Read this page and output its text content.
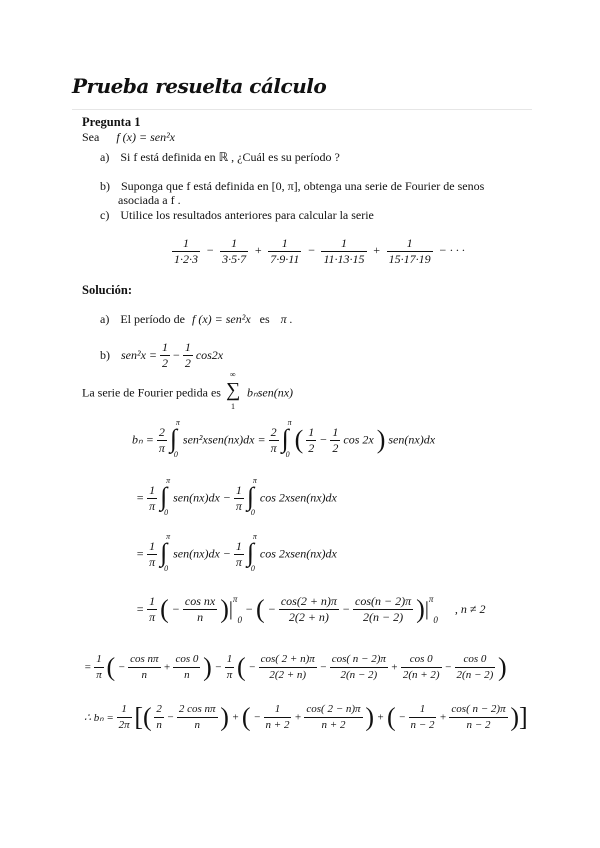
Prueba resuelta cálculo
Pregunta 1
Sea f (x) = sen²x
a) Si f está definida en ℝ , ¿Cuál es su período ?
b) Suponga que f está definida en [0, π], obtenga una serie de Fourier de senos
asociada a f .
c) Utilice los resultados anteriores para calcular la serie
$\frac{1}{1\cdot 2\cdot 3} - \frac{1}{3\cdot 5\cdot 7} + \frac{1}{7\cdot 9\cdot 11} - \frac{1}{11\cdot 13\cdot 15} + \frac{1}{15\cdot 17\cdot 19}$ − · · ·
Solución:
a) El período de f (x) = sen²x es π .
b) $sen^2x = \frac{1}{2} - \frac{1}{2} \cos 2x$
La serie de Fourier pedida es
∞
∑
1
bₙsen(nx)
$b_n = \frac{2}{\pi}$
∫
π
0
sen²xsen(nx)dx = $\frac{2}{\pi}$
∫
π
0
( $\frac{1}{2} - \frac{1}{2}$ cos 2x ) sen(nx)dx
= $\frac{1}{\pi}$
∫
π
0
$sen(nx)dx - \frac{1}{\pi}$
∫
π
0
cos 2xsen(nx)dx
= $\frac{1}{\pi}$
∫
π
0
$sen(nx)dx - \frac{1}{\pi}$
∫
π
0
cos 2xsen(nx)dx
= $\frac{1}{\pi}$ ( − $\frac{\text{cos nx}}{n} )|^\pi 0$ − ( − $\frac{\cos(2 + n)\pi}{2(2 + n)} - \frac{\cos(n - 2)\pi}{2(n - 2)} )|^\pi 0$ , n ≠ 2
= $\frac{1}{\pi}$ ( − $\frac{\text{cos nπ}}{n} + \frac{\cos 0}{n}$ ) − $\frac{1}{\pi}$ ( − $\frac{\cos( 2 + n)\pi}{2(2 + n)} - \frac{\cos( n - 2)\pi}{2(n - 2)} + \frac{\cos 0}{2(n + 2)} - \frac{\cos 0}{2(n - 2)}$ )
∴ $b_n = \frac{1}{2\pi}$ [( $\frac{2}{n} - \frac{\text{2 cos nπ}}{n}$ ) + ( − $\frac{1}{n + 2} + \frac{\cos( 2 - n)\pi}{n + 2}$ ) + ( − $\frac{1}{n - 2} + \frac{\cos( n - 2)\pi}{n - 2}$ )]
